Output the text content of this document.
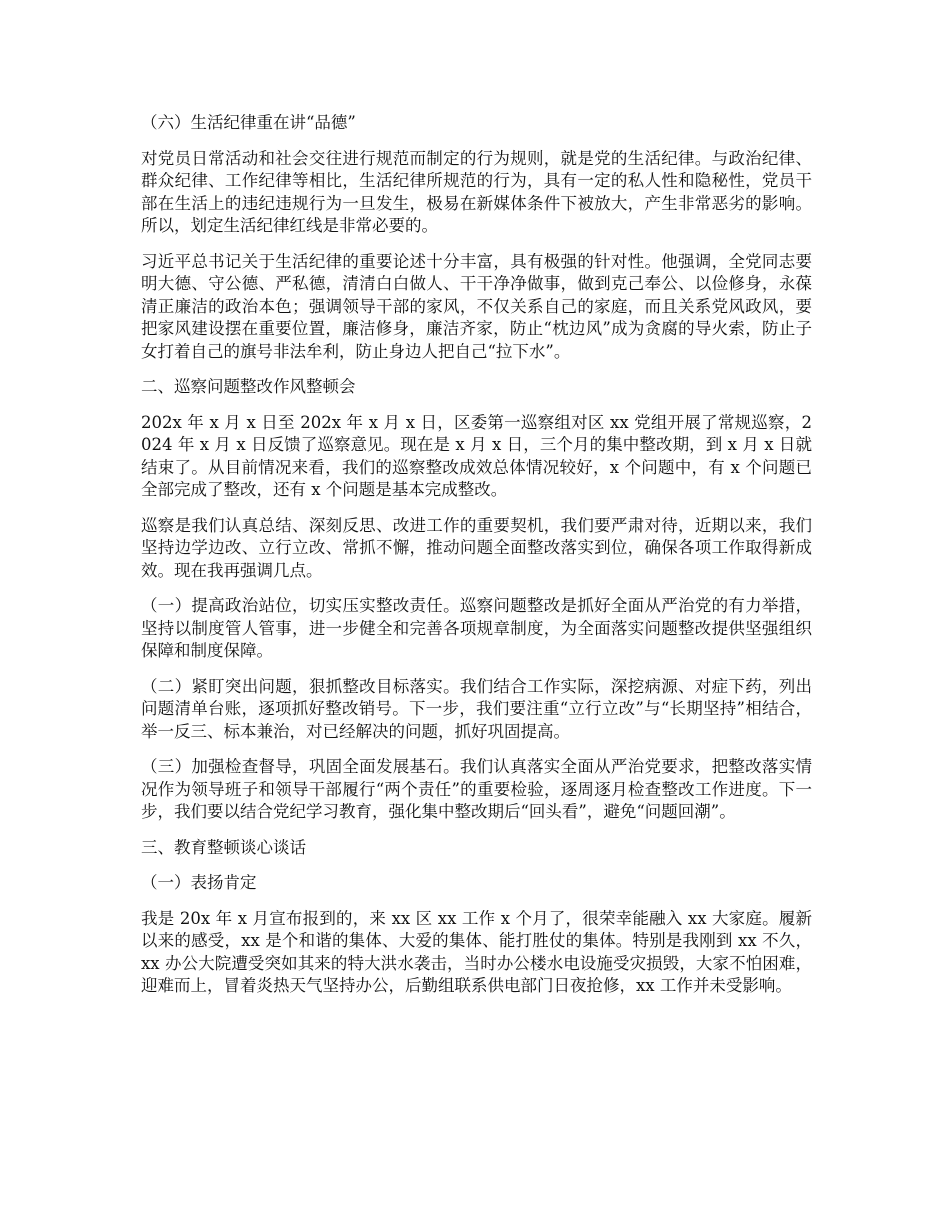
（六）生活纪律重在讲“品德”
对党员日常活动和社会交往进行规范而制定的行为规则，就是党的生活纪律。与政治纪律、群众纪律、工作纪律等相比，生活纪律所规范的行为，具有一定的私人性和隐秘性，党员干部在生活上的违纪违规行为一旦发生，极易在新媒体条件下被放大，产生非常恶劣的影响。所以，划定生活纪律红线是非常必要的。
习近平总书记关于生活纪律的重要论述十分丰富，具有极强的针对性。他强调，全党同志要明大德、守公德、严私德，清清白白做人、干干净净做事，做到克己奉公、以俭修身，永葆清正廉洁的政治本色；强调领导干部的家风，不仅关系自己的家庭，而且关系党风政风，要把家风建设摆在重要位置，廉洁修身，廉洁齐家，防止“枕边风”成为贪腐的导火索，防止子女打着自己的旗号非法牟利，防止身边人把自己“拉下水”。
二、巡察问题整改作风整顿会
202x 年 x 月 x 日至 202x 年 x 月 x 日，区委第一巡察组对区 xx 党组开展了常规巡察，2024 年 x 月 x 日反馈了巡察意见。现在是 x 月 x 日，三个月的集中整改期，到 x 月 x 日就结束了。从目前情况来看，我们的巡察整改成效总体情况较好，x 个问题中，有 x 个问题已全部完成了整改，还有 x 个问题是基本完成整改。
巡察是我们认真总结、深刻反思、改进工作的重要契机，我们要严肃对待，近期以来，我们坚持边学边改、立行立改、常抓不懈，推动问题全面整改落实到位，确保各项工作取得新成效。现在我再强调几点。
（一）提高政治站位，切实压实整改责任。巡察问题整改是抓好全面从严治党的有力举措，坚持以制度管人管事，进一步健全和完善各项规章制度，为全面落实问题整改提供坚强组织保障和制度保障。
（二）紧盯突出问题，狠抓整改目标落实。我们结合工作实际，深挖病源、对症下药，列出问题清单台账，逐项抓好整改销号。下一步，我们要注重“立行立改”与“长期坚持”相结合，举一反三、标本兼治，对已经解决的问题，抓好巩固提高。
（三）加强检查督导，巩固全面发展基石。我们认真落实全面从严治党要求，把整改落实情况作为领导班子和领导干部履行“两个责任”的重要检验，逐周逐月检查整改工作进度。下一步，我们要以结合党纪学习教育，强化集中整改期后“回头看”，避免“问题回潮”。
三、教育整顿谈心谈话
（一）表扬肯定
我是 20x 年 x 月宣布报到的，来 xx 区 xx 工作 x 个月了，很荣幸能融入 xx 大家庭。履新以来的感受，xx 是个和谐的集体、大爱的集体、能打胜仗的集体。特别是我刚到 xx 不久，xx 办公大院遭受突如其来的特大洪水袭击，当时办公楼水电设施受灾损毁，大家不怕困难，迎难而上，冒着炎热天气坚持办公，后勤组联系供电部门日夜抢修，xx 工作并未受影响。
